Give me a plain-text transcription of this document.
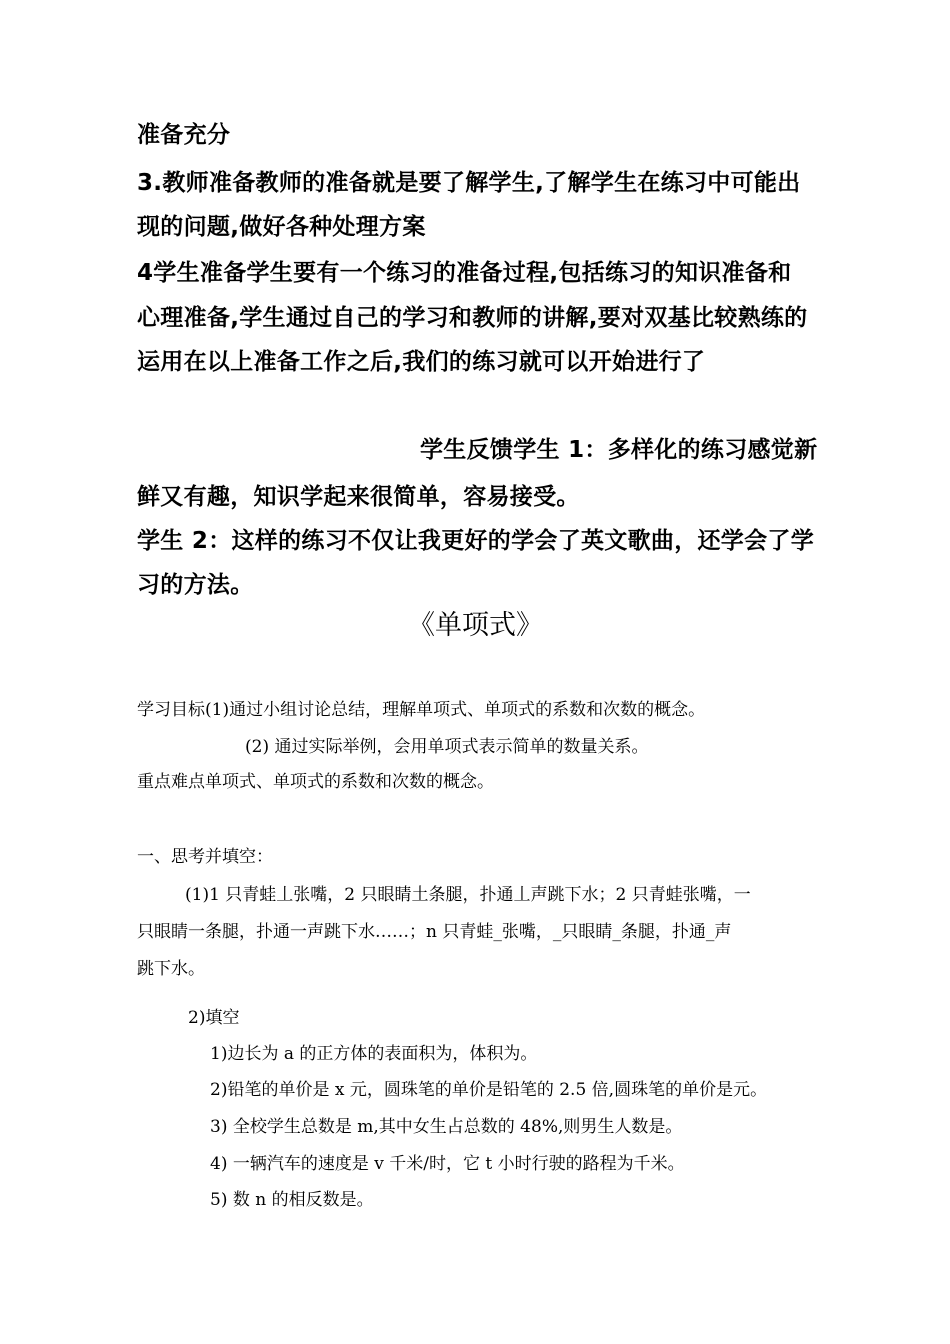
准备充分

3.教师准备教师的准备就是要了解学生,了解学生在练习中可能出

现的问题,做好各种处理方案

4学生准备学生要有一个练习的准备过程,包括练习的知识准备和

心理准备,学生通过自己的学习和教师的讲解,要对双基比较熟练的

运用在以上准备工作之后,我们的练习就可以开始进行了

学生反馈学生 1：多样化的练习感觉新

鲜又有趣，知识学起来很简单，容易接受。

学生 2：这样的练习不仅让我更好的学会了英文歌曲，还学会了学

习的方法。

《单项式》

学习目标(1)通过小组讨论总结，理解单项式、单项式的系数和次数的概念。

(2) 通过实际举例，会用单项式表示简单的数量关系。

重点难点单项式、单项式的系数和次数的概念。

一、思考并填空：

(1)1 只青蛙丄张嘴，2 只眼睛土条腿，扑通丄声跳下水；2 只青蛙张嘴，一

只眼睛一条腿，扑通一声跳下水……；n 只青蛙_张嘴，_只眼睛_条腿，扑通_声

跳下水。

2)填空

1)边长为 a 的正方体的表面积为，体积为。

2)铅笔的单价是 x 元，圆珠笔的单价是铅笔的 2.5 倍,圆珠笔的单价是元。

3) 全校学生总数是 m,其中女生占总数的 48%,则男生人数是。

4) 一辆汽车的速度是 v 千米/时，它 t 小时行驶的路程为千米。

5) 数 n 的相反数是。
